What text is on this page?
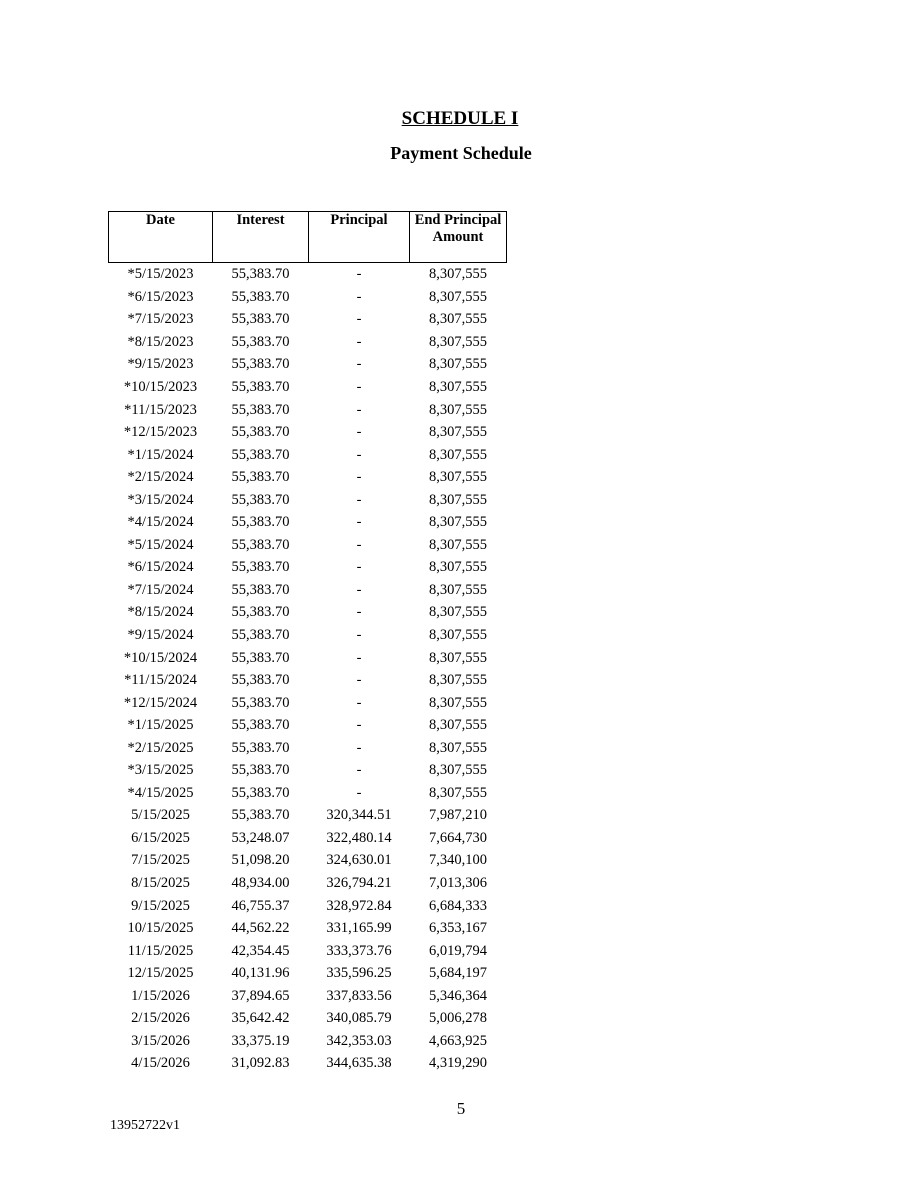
SCHEDULE I
Payment Schedule
Date	Interest	Principal	End Principal Amount
*5/15/2023	55,383.70	-	8,307,555
*6/15/2023	55,383.70	-	8,307,555
*7/15/2023	55,383.70	-	8,307,555
*8/15/2023	55,383.70	-	8,307,555
*9/15/2023	55,383.70	-	8,307,555
*10/15/2023	55,383.70	-	8,307,555
*11/15/2023	55,383.70	-	8,307,555
*12/15/2023	55,383.70	-	8,307,555
*1/15/2024	55,383.70	-	8,307,555
*2/15/2024	55,383.70	-	8,307,555
*3/15/2024	55,383.70	-	8,307,555
*4/15/2024	55,383.70	-	8,307,555
*5/15/2024	55,383.70	-	8,307,555
*6/15/2024	55,383.70	-	8,307,555
*7/15/2024	55,383.70	-	8,307,555
*8/15/2024	55,383.70	-	8,307,555
*9/15/2024	55,383.70	-	8,307,555
*10/15/2024	55,383.70	-	8,307,555
*11/15/2024	55,383.70	-	8,307,555
*12/15/2024	55,383.70	-	8,307,555
*1/15/2025	55,383.70	-	8,307,555
*2/15/2025	55,383.70	-	8,307,555
*3/15/2025	55,383.70	-	8,307,555
*4/15/2025	55,383.70	-	8,307,555
5/15/2025	55,383.70	320,344.51	7,987,210
6/15/2025	53,248.07	322,480.14	7,664,730
7/15/2025	51,098.20	324,630.01	7,340,100
8/15/2025	48,934.00	326,794.21	7,013,306
9/15/2025	46,755.37	328,972.84	6,684,333
10/15/2025	44,562.22	331,165.99	6,353,167
11/15/2025	42,354.45	333,373.76	6,019,794
12/15/2025	40,131.96	335,596.25	5,684,197
1/15/2026	37,894.65	337,833.56	5,346,364
2/15/2026	35,642.42	340,085.79	5,006,278
3/15/2026	33,375.19	342,353.03	4,663,925
4/15/2026	31,092.83	344,635.38	4,319,290
5
13952722v1
